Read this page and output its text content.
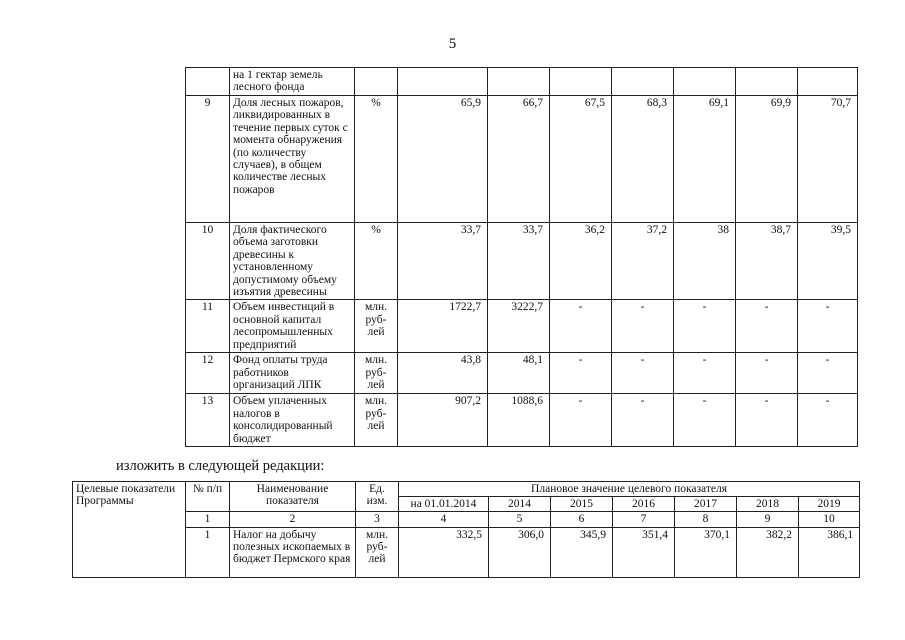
5
	на 1 гектар земель лесного фонда								
9	Доля лесных пожаров, ликвидированных в течение первых суток с момента обнаружения (по количеству случаев), в общем количестве лесных пожаров	%	65,9	66,7	67,5	68,3	69,1	69,9	70,7
10	Доля фактического объема заготовки древесины к установленному допустимому объему изъятия древесины	%	33,7	33,7	36,2	37,2	38	38,7	39,5
11	Объем инвестиций в основной капитал лесопромышленных предприятий	млн. руб-лей	1722,7	3222,7	-	-	-	-	-
12	Фонд оплаты труда работников организаций ЛПК	млн. руб-лей	43,8	48,1	-	-	-	-	-
13	Объем уплаченных налогов в консолидированный бюджет	млн. руб-лей	907,2	1088,6	-	-	-	-	-
изложить в следующей редакции:
Целевые показатели Программы	№ п/п	Наименование показателя	Ед. изм.	Плановое значение целевого показателя						
				на 01.01.2014	2014	2015	2016	2017	2018	2019
	1	2	3	4	5	6	7	8	9	10
	1	Налог на добычу полезных ископаемых в бюджет Пермского края	млн. руб-лей	332,5	306,0	345,9	351,4	370,1	382,2	386,1
